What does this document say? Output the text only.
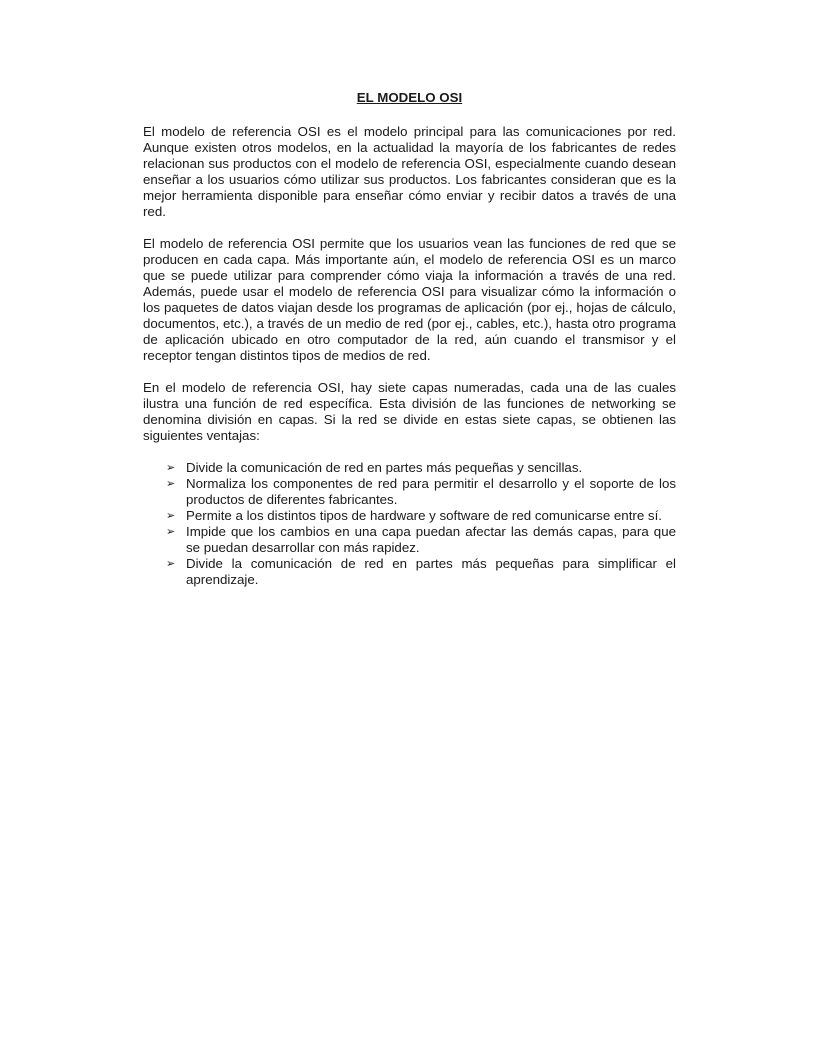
EL MODELO OSI

El modelo de referencia OSI es el modelo principal para las comunicaciones por red. Aunque existen otros modelos, en la actualidad la mayoría de los fabricantes de redes relacionan sus productos con el modelo de referencia OSI, especialmente cuando desean enseñar a los usuarios cómo utilizar sus productos. Los fabricantes consideran que es la mejor herramienta disponible para enseñar cómo enviar y recibir datos a través de una red.

El modelo de referencia OSI permite que los usuarios vean las funciones de red que se producen en cada capa. Más importante aún, el modelo de referencia OSI es un marco que se puede utilizar para comprender cómo viaja la información a través de una red. Además, puede usar el modelo de referencia OSI para visualizar cómo la información o los paquetes de datos viajan desde los programas de aplicación (por ej., hojas de cálculo, documentos, etc.), a través de un medio de red (por ej., cables, etc.), hasta otro programa de aplicación ubicado en otro computador de la red, aún cuando el transmisor y el receptor tengan distintos tipos de medios de red.

En el modelo de referencia OSI, hay siete capas numeradas, cada una de las cuales ilustra una función de red específica. Esta división de las funciones de networking se denomina división en capas. Si la red se divide en estas siete capas, se obtienen las siguientes ventajas:

➢ Divide la comunicación de red en partes más pequeñas y sencillas.
➢ Normaliza los componentes de red para permitir el desarrollo y el soporte de los productos de diferentes fabricantes.
➢ Permite a los distintos tipos de hardware y software de red comunicarse entre sí.
➢ Impide que los cambios en una capa puedan afectar las demás capas, para que se puedan desarrollar con más rapidez.
➢ Divide la comunicación de red en partes más pequeñas para simplificar el aprendizaje.
